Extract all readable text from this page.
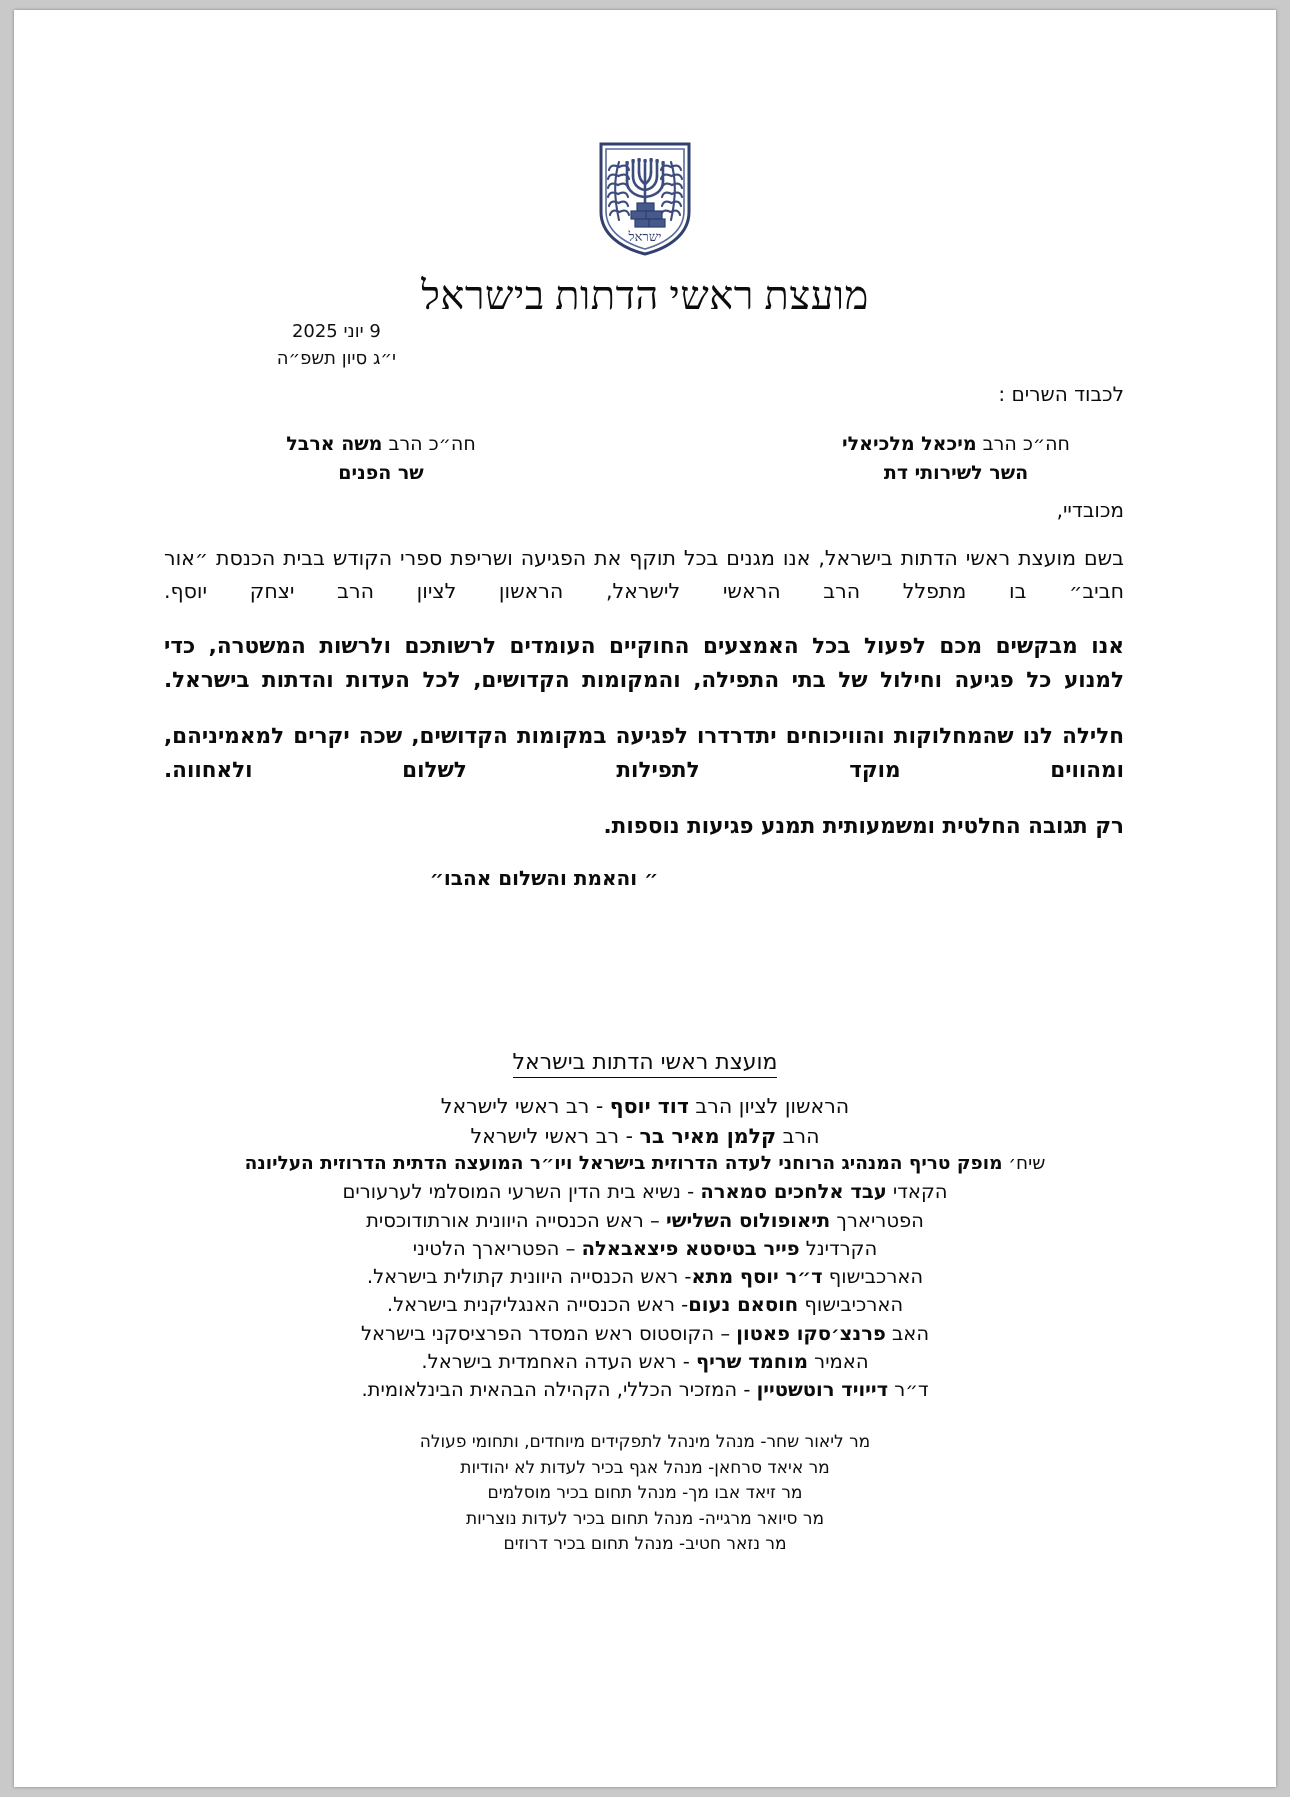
ישראל
מועצת ראשי הדתות בישראל
9 יוני 2025
י״ג סיון תשפ״ה
לכבוד השרים :
חה״כ הרב מיכאל מלכיאלי
השר לשירותי דת
חה״כ הרב משה ארבל
שר הפנים
מכובדיי,

בשם מועצת ראשי הדתות בישראל, אנו מגנים בכל תוקף את הפגיעה ושריפת ספרי הקודש בבית הכנסת ״אור חביב״ בו מתפלל הרב הראשי לישראל, הראשון לציון הרב יצחק יוסף.

אנו מבקשים מכם לפעול בכל האמצעים החוקיים העומדים לרשותכם ולרשות המשטרה, כדי למנוע כל פגיעה וחילול של בתי התפילה, והמקומות הקדושים, לכל העדות והדתות בישראל.

חלילה לנו שהמחלוקות והוויכוחים יתדרדרו לפגיעה במקומות הקדושים, שכה יקרים למאמיניהם, ומהווים מוקד לתפילות לשלום ולאחווה.

רק תגובה החלטית ומשמעותית תמנע פגיעות נוספות.

״ והאמת והשלום אהבו״
מועצת ראשי הדתות בישראל
הראשון לציון הרב דוד יוסף - רב ראשי לישראל
הרב קלמן מאיר בר - רב ראשי לישראל
שיח׳ מופק טריף המנהיג הרוחני לעדה הדרוזית בישראל ויו״ר המועצה הדתית הדרוזית העליונה
הקאדי עבד אלחכים סמארה - נשיא בית הדין השרעי המוסלמי לערעורים
הפטריארך תיאופולוס השלישי – ראש הכנסייה היוונית אורתודוכסית
הקרדינל פייר בטיסטא פיצאבאלה – הפטריארך הלטיני
הארכבישוף ד״ר יוסף מתא- ראש הכנסייה היוונית קתולית בישראל.
הארכיבישוף חוסאם נעום- ראש הכנסייה האנגליקנית בישראל.
האב פרנצ׳סקו פאטון – הקוסטוס ראש המסדר הפרציסקני בישראל
האמיר מוחמד שריף - ראש העדה האחמדית בישראל.
ד״ר דייויד רוטשטיין - המזכיר הכללי, הקהילה הבהאית הבינלאומית.
מר ליאור שחר- מנהל מינהל לתפקידים מיוחדים, ותחומי פעולה
מר איאד סרחאן- מנהל אגף בכיר לעדות לא יהודיות
מר זיאד אבו מך- מנהל תחום בכיר מוסלמים
מר סיואר מרגייה- מנהל תחום בכיר לעדות נוצריות
מר נזאר חטיב- מנהל תחום בכיר דרוזים
